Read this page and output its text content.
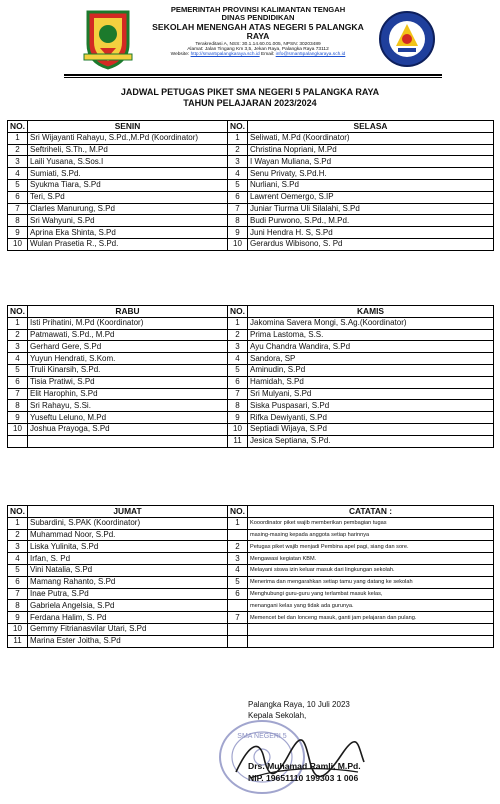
PEMERINTAH PROVINSI KALIMANTAN TENGAH
DINAS PENDIDIKAN
SEKOLAH MENENGAH ATAS NEGERI 5 PALANGKA RAYA
Terakreditasi A, NSS: 30.1.14.60.01.005, NPSN: 30203489
Alamat: Jalan Tingang Km 3,5, Jekan Raya, Palangka Raya 73112
Website: http://sman5palangkaraya.sch.id Email: info@sman5palangkaraya.sch.id
JADWAL PETUGAS PIKET SMA NEGERI 5 PALANGKA RAYA
TAHUN PELAJARAN 2023/2024
NO.	SENIN	NO.	SELASA
1	Sri Wijayanti Rahayu, S.Pd.,M.Pd (Koordinator)	1	Seliwati, M.Pd (Koordinator)
2	Seftriheli, S.Th., M.Pd	2	Christina Nopriani, M.Pd
3	Laili Yusana, S.Sos.I	3	I Wayan Muliana, S.Pd
4	Sumiati, S.Pd.	4	Senu Privaty, S.Pd.H.
5	Syukma Tiara, S.Pd	5	Nurliani, S.Pd
6	Teri, S.Pd	6	Lawrent Oemergo, S.IP
7	Clarles Manurung, S.Pd	7	Juniar Tiurma Uli Silalahi, S.Pd
8	Sri Wahyuni, S.Pd	8	Budi Purwono, S.Pd., M.Pd.
9	Aprina Eka Shinta, S.Pd	9	Juni Hendra H. S, S.Pd
10	Wulan Prasetia R., S.Pd.	10	Gerardus Wibisono, S. Pd
NO.	RABU	NO.	KAMIS
1	Isti Prihatini, M.Pd (Koordinator)	1	Jakomina Savera Mongi, S.Ag.(Koordinator)
2	Patmawati, S.Pd., M.Pd	2	Prima Lastoma, S.S.
3	Gerhard Gere, S.Pd	3	Ayu Chandra Wandira, S.Pd
4	Yuyun Hendrati, S.Kom.	4	Sandora, SP
5	Truli Kinarsih, S.Pd.	5	Aminudin, S.Pd
6	Tisia Pratiwi, S.Pd	6	Hamidah, S.Pd
7	Elit Harophin, S.Pd	7	Sri Mulyani, S.Pd
8	Sri Rahayu, S.Si.	8	Siska Puspasari, S.Pd
9	Yuseftu Leluno, M.Pd	9	Rifka Dewiyanti, S.Pd
10	Joshua Prayoga, S.Pd	10	Septiadi Wijaya, S.Pd
		11	Jesica Septiana, S.Pd.
NO.	JUMAT	NO.	CATATAN :
1	Subardini, S.PAK (Koordinator)	1	Kooordinator piket wajib memberikan pembagian tugas
2	Muhammad Noor, S.Pd.		masing-masing kepada anggota setiap harinnya
3	Liska Yulinita, S.Pd	2	Petugas piket wajib menjadi Pembina apel pagi, siang dan sore.
4	Irfan, S. Pd	3	Mengawasi kegiatan KBM.
5	Vini Natalia, S.Pd	4	Melayani siswa izin keluar masuk dari lingkungan sekolah.
6	Mamang Rahanto, S.Pd	5	Menerima dan mengarahkan setiap tamu yang datang ke sekolah
7	Inae Putra, S.Pd	6	Menghubungi guru-guru yang terlambat masuk kelas,
8	Gabriela Angelsia, S.Pd		menangani kelas yang tidak ada gurunya.
9	Ferdana Halim, S. Pd	7	Memencet bel dan lonceng masuk, ganti jam pelajaran dan pulang.
10	Gemmy Fitrianasvilar Utari, S.Pd		
11	Marina Ester Joitha, S.Pd		
Palangka Raya, 10 Juli 2023
Kepala Sekolah,
SMA NEGERI 5
Drs. Muhamad Ramli, M.Pd.
NIP. 19651110 199303 1 006
